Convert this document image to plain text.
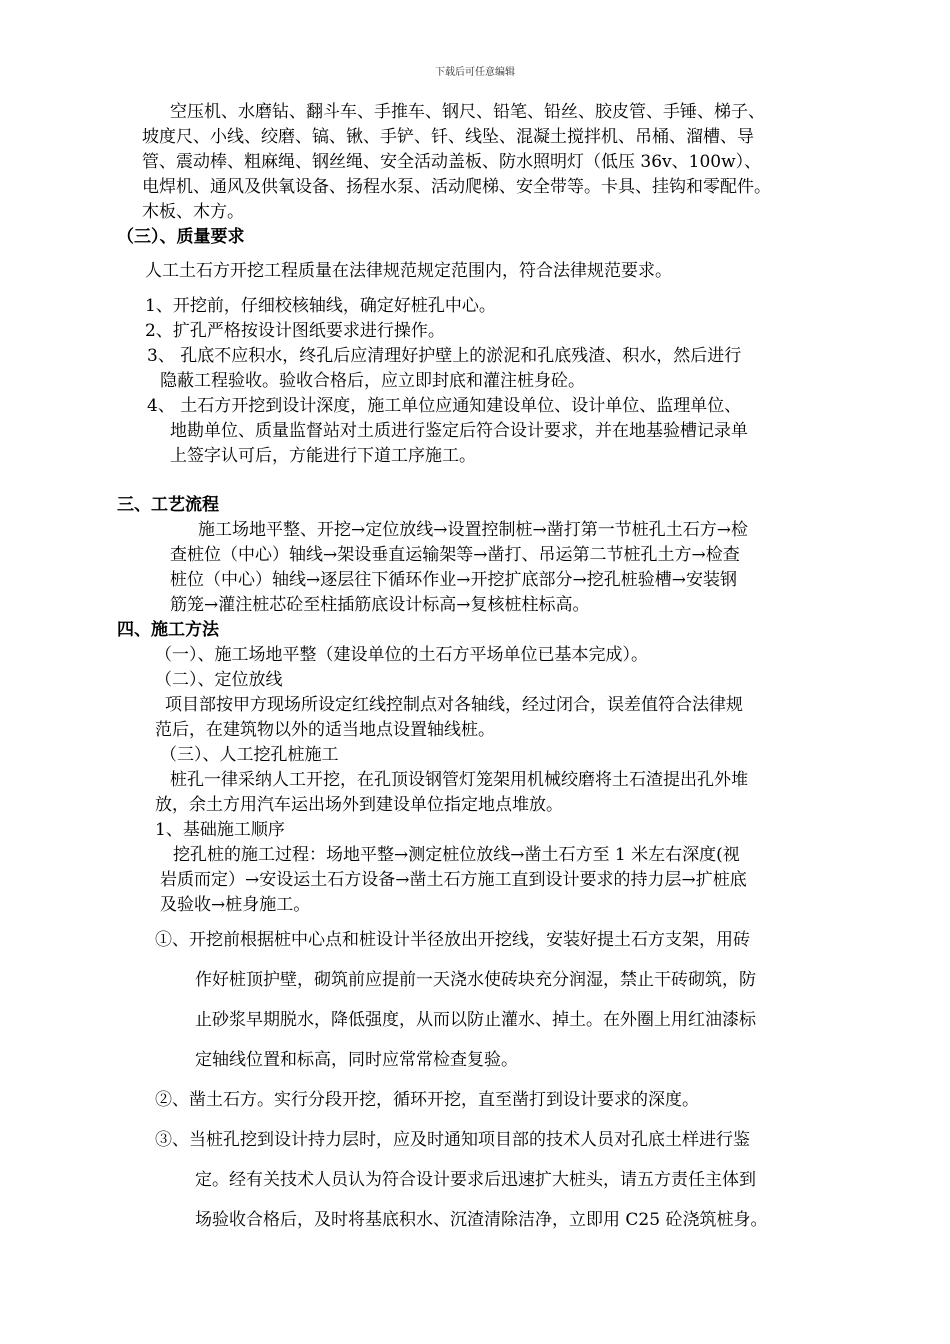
下载后可任意编辑
空压机、水磨钻、翻斗车、手推车、钢尺、铅笔、铅丝、胶皮管、手锤、梯子、
坡度尺、小线、绞磨、镐、锹、手铲、钎、线坠、混凝土搅拌机、吊桶、溜槽、导
管、震动棒、粗麻绳、钢丝绳、安全活动盖板、防水照明灯（低压 36v、100w）、
电焊机、通风及供氧设备、扬程水泵、活动爬梯、安全带等。卡具、挂钩和零配件。
木板、木方。
（三）、质量要求
人工土石方开挖工程质量在法律规范规定范围内，符合法律规范要求。
1、开挖前，仔细校核轴线，确定好桩孔中心。
2、扩孔严格按设计图纸要求进行操作。
3、 孔底不应积水，终孔后应清理好护壁上的淤泥和孔底残渣、积水，然后进行
隐蔽工程验收。验收合格后，应立即封底和灌注桩身砼。
4、 土石方开挖到设计深度，施工单位应通知建设单位、设计单位、监理单位、
地勘单位、质量监督站对土质进行鉴定后符合设计要求，并在地基验槽记录单
上签字认可后，方能进行下道工序施工。
三、工艺流程
施工场地平整、开挖→定位放线→设置控制桩→凿打第一节桩孔土石方→检
查桩位（中心）轴线→架设垂直运输架等→凿打、吊运第二节桩孔土方→检查
桩位（中心）轴线→逐层往下循环作业→开挖扩底部分→挖孔桩验槽→安装钢
筋笼→灌注桩芯砼至柱插筋底设计标高→复核桩柱标高。
四、施工方法
（一）、施工场地平整（建设单位的土石方平场单位已基本完成）。
（二）、定位放线
项目部按甲方现场所设定红线控制点对各轴线，经过闭合，误差值符合法律规
范后，在建筑物以外的适当地点设置轴线桩。
（三）、人工挖孔桩施工
桩孔一律采纳人工开挖，在孔顶设钢管灯笼架用机械绞磨将土石渣提出孔外堆
放，余土方用汽车运出场外到建设单位指定地点堆放。
1、基础施工顺序
挖孔桩的施工过程：场地平整→测定桩位放线→凿土石方至 1 米左右深度(视
岩质而定）→安设运土石方设备→凿土石方施工直到设计要求的持力层→扩桩底
及验收→桩身施工。
①、开挖前根据桩中心点和桩设计半径放出开挖线，安装好提土石方支架，用砖
作好桩顶护壁，砌筑前应提前一天浇水使砖块充分润湿，禁止干砖砌筑，防
止砂浆早期脱水，降低强度，从而以防止灌水、掉土。在外圈上用红油漆标
定轴线位置和标高，同时应常常检查复验。
②、凿土石方。实行分段开挖，循环开挖，直至凿打到设计要求的深度。
③、当桩孔挖到设计持力层时，应及时通知项目部的技术人员对孔底土样进行鉴
定。经有关技术人员认为符合设计要求后迅速扩大桩头，请五方责任主体到
场验收合格后，及时将基底积水、沉渣清除洁净，立即用 C25 砼浇筑桩身。
